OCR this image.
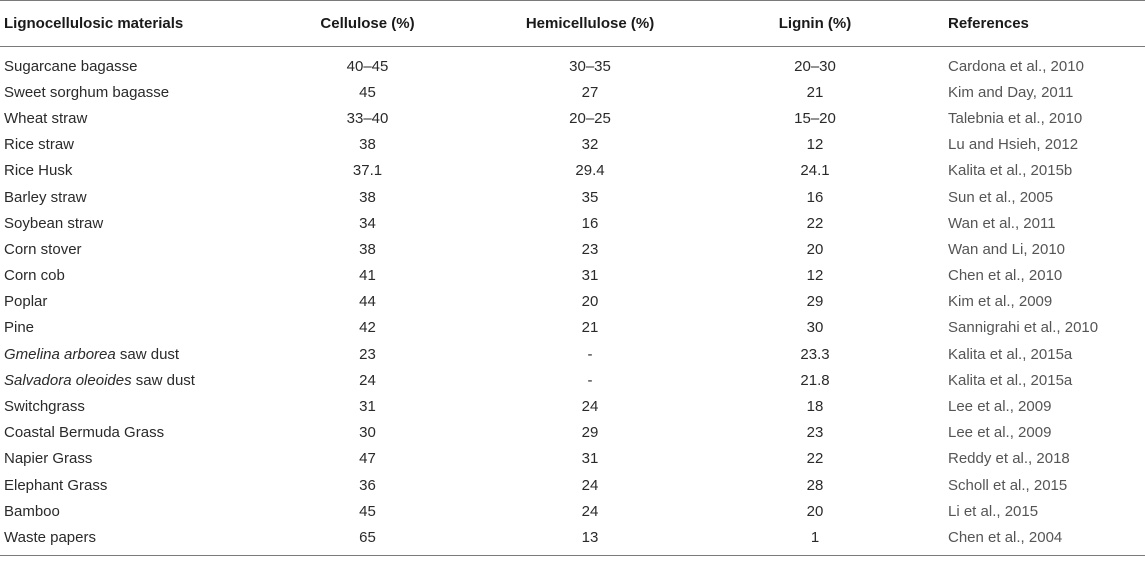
Lignocellulosic materials	Cellulose (%)	Hemicellulose (%)	Lignin (%)	References
Sugarcane bagasse	40–45	30–35	20–30	Cardona et al., 2010
Sweet sorghum bagasse	45	27	21	Kim and Day, 2011
Wheat straw	33–40	20–25	15–20	Talebnia et al., 2010
Rice straw	38	32	12	Lu and Hsieh, 2012
Rice Husk	37.1	29.4	24.1	Kalita et al., 2015b
Barley straw	38	35	16	Sun et al., 2005
Soybean straw	34	16	22	Wan et al., 2011
Corn stover	38	23	20	Wan and Li, 2010
Corn cob	41	31	12	Chen et al., 2010
Poplar	44	20	29	Kim et al., 2009
Pine	42	21	30	Sannigrahi et al., 2010
Gmelina arborea saw dust	23	-	23.3	Kalita et al., 2015a
Salvadora oleoides saw dust	24	-	21.8	Kalita et al., 2015a
Switchgrass	31	24	18	Lee et al., 2009
Coastal Bermuda Grass	30	29	23	Lee et al., 2009
Napier Grass	47	31	22	Reddy et al., 2018
Elephant Grass	36	24	28	Scholl et al., 2015
Bamboo	45	24	20	Li et al., 2015
Waste papers	65	13	1	Chen et al., 2004
